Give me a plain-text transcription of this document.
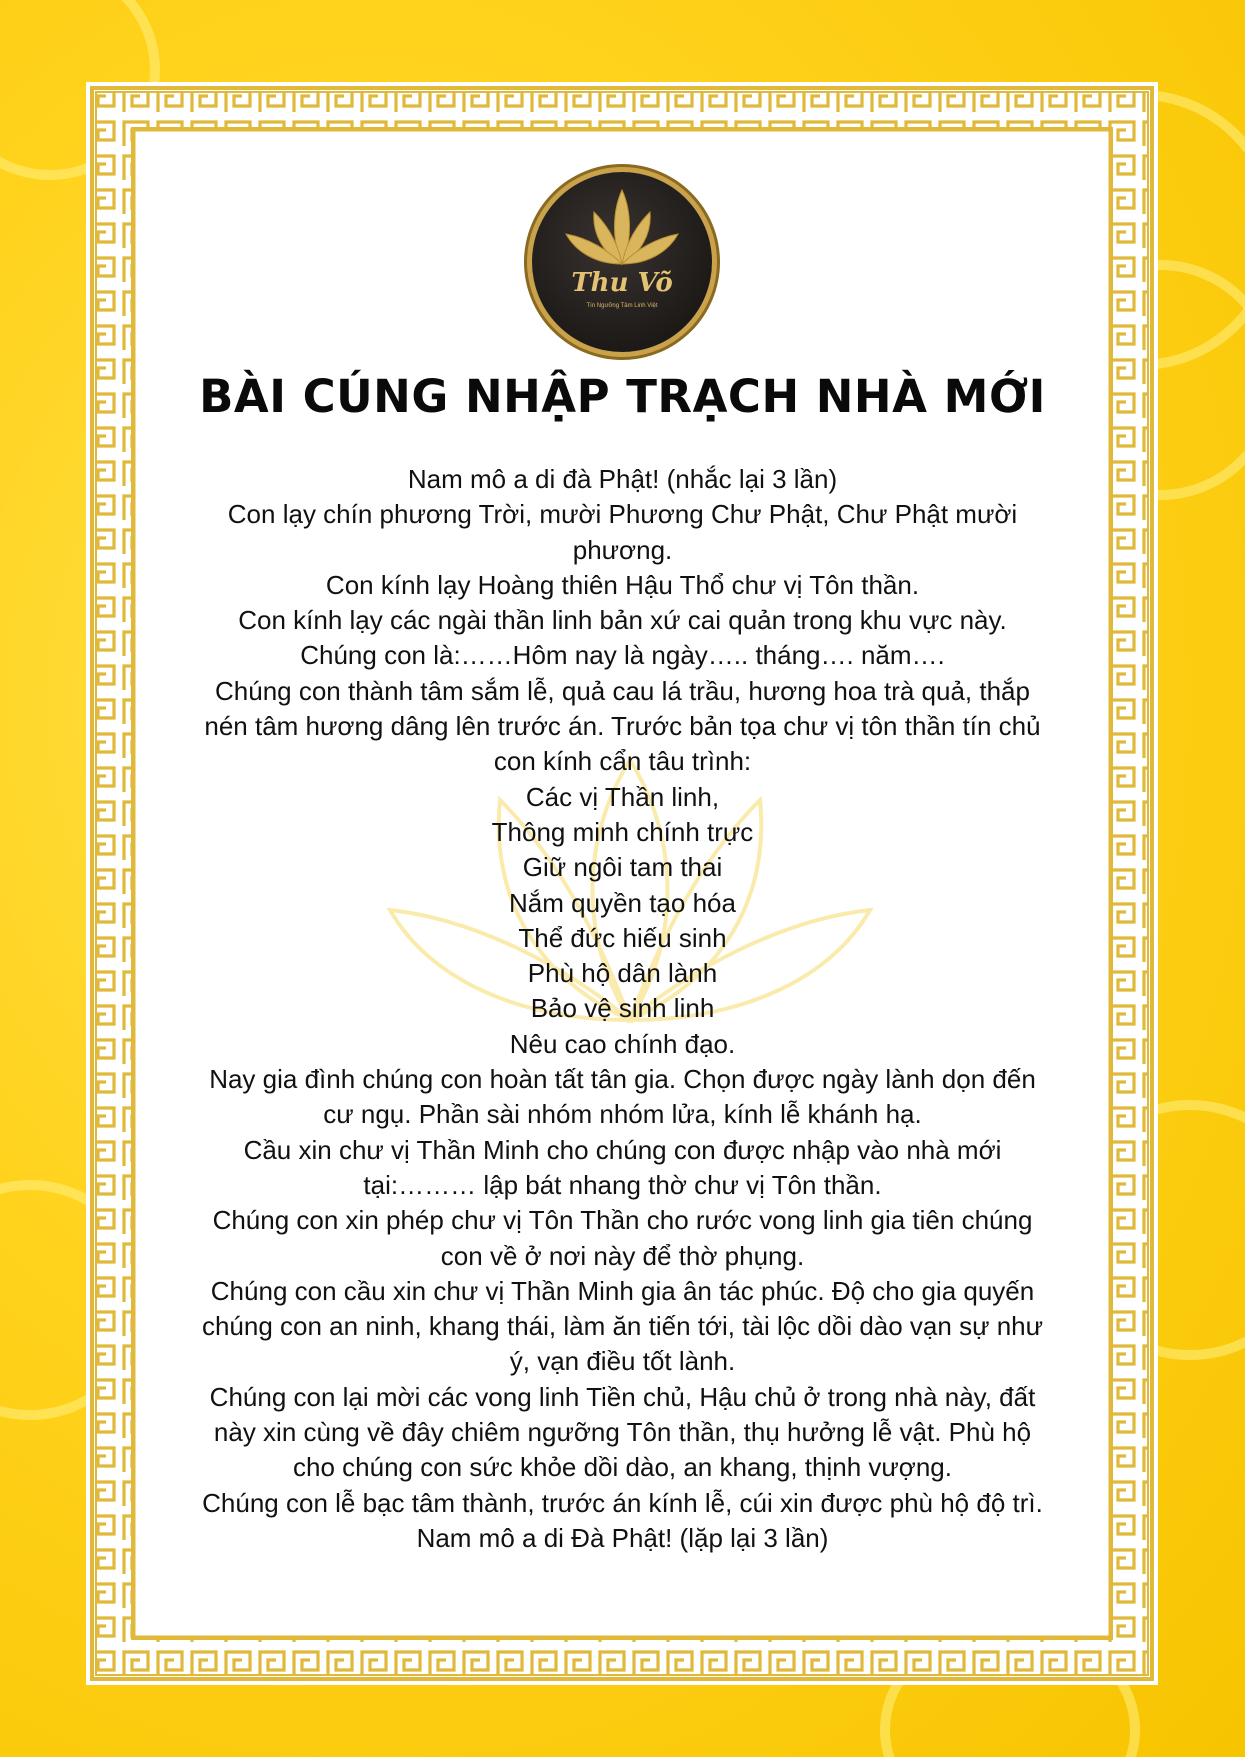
Thu Võ
Tín Ngưỡng Tâm Linh Việt
BÀI CÚNG NHẬP TRẠCH NHÀ MỚI
Nam mô a di đà Phật! (nhắc lại 3 lần)
Con lạy chín phương Trời, mười Phương Chư Phật, Chư Phật mười
phương.
Con kính lạy Hoàng thiên Hậu Thổ chư vị Tôn thần.
Con kính lạy các ngài thần linh bản xứ cai quản trong khu vực này.
Chúng con là:……Hôm nay là ngày….. tháng…. năm….
Chúng con thành tâm sắm lễ, quả cau lá trầu, hương hoa trà quả, thắp
nén tâm hương dâng lên trước án. Trước bản tọa chư vị tôn thần tín chủ
con kính cẩn tâu trình:
Các vị Thần linh,
Thông minh chính trực
Giữ ngôi tam thai
Nắm quyền tạo hóa
Thể đức hiếu sinh
Phù hộ dân lành
Bảo vệ sinh linh
Nêu cao chính đạo.
Nay gia đình chúng con hoàn tất tân gia. Chọn được ngày lành dọn đến
cư ngụ. Phần sài nhóm nhóm lửa, kính lễ khánh hạ.
Cầu xin chư vị Thần Minh cho chúng con được nhập vào nhà mới
tại:……… lập bát nhang thờ chư vị Tôn thần.
Chúng con xin phép chư vị Tôn Thần cho rước vong linh gia tiên chúng
con về ở nơi này để thờ phụng.
Chúng con cầu xin chư vị Thần Minh gia ân tác phúc. Độ cho gia quyến
chúng con an ninh, khang thái, làm ăn tiến tới, tài lộc dồi dào vạn sự như
ý, vạn điều tốt lành.
Chúng con lại mời các vong linh Tiền chủ, Hậu chủ ở trong nhà này, đất
này xin cùng về đây chiêm ngưỡng Tôn thần, thụ hưởng lễ vật. Phù hộ
cho chúng con sức khỏe dồi dào, an khang, thịnh vượng.
Chúng con lễ bạc tâm thành, trước án kính lễ, cúi xin được phù hộ độ trì.
Nam mô a di Đà Phật! (lặp lại 3 lần)
